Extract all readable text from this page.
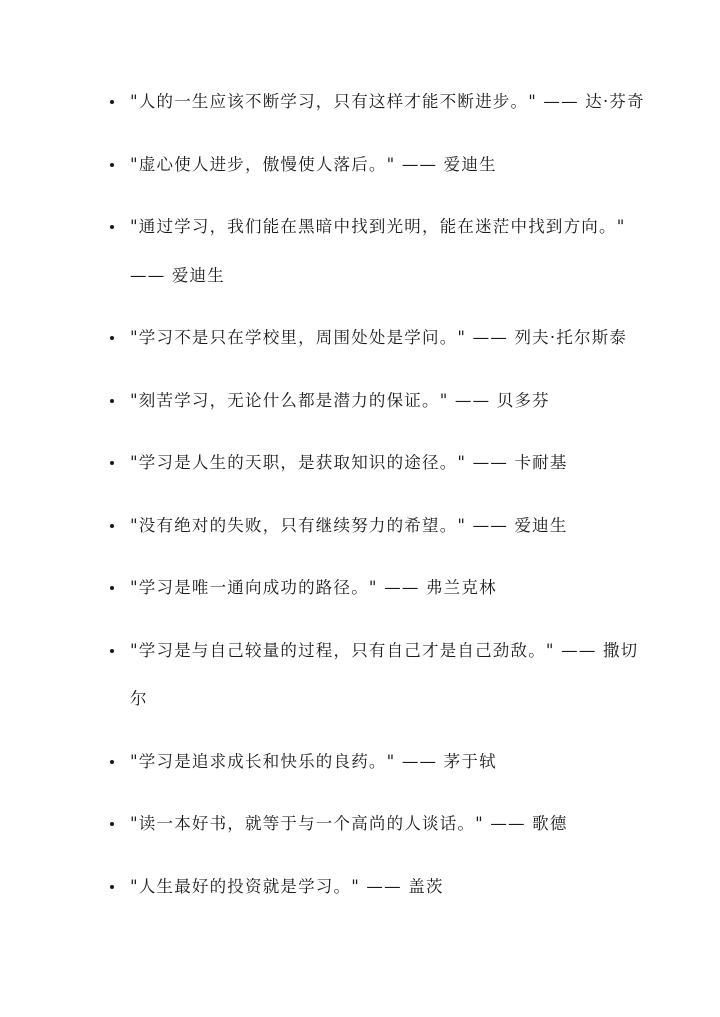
"人的一生应该不断学习，只有这样才能不断进步。" —— 达·芬奇
"虚心使人进步，傲慢使人落后。" —— 爱迪生
"通过学习，我们能在黑暗中找到光明，能在迷茫中找到方向。" —— 爱迪生
"学习不是只在学校里，周围处处是学问。" —— 列夫·托尔斯泰
"刻苦学习，无论什么都是潜力的保证。" —— 贝多芬
"学习是人生的天职，是获取知识的途径。" —— 卡耐基
"没有绝对的失败，只有继续努力的希望。" —— 爱迪生
"学习是唯一通向成功的路径。" —— 弗兰克林
"学习是与自己较量的过程，只有自己才是自己劲敌。" —— 撒切尔
"学习是追求成长和快乐的良药。" —— 茅于轼
"读一本好书，就等于与一个高尚的人谈话。" —— 歌德
"人生最好的投资就是学习。" —— 盖茨
